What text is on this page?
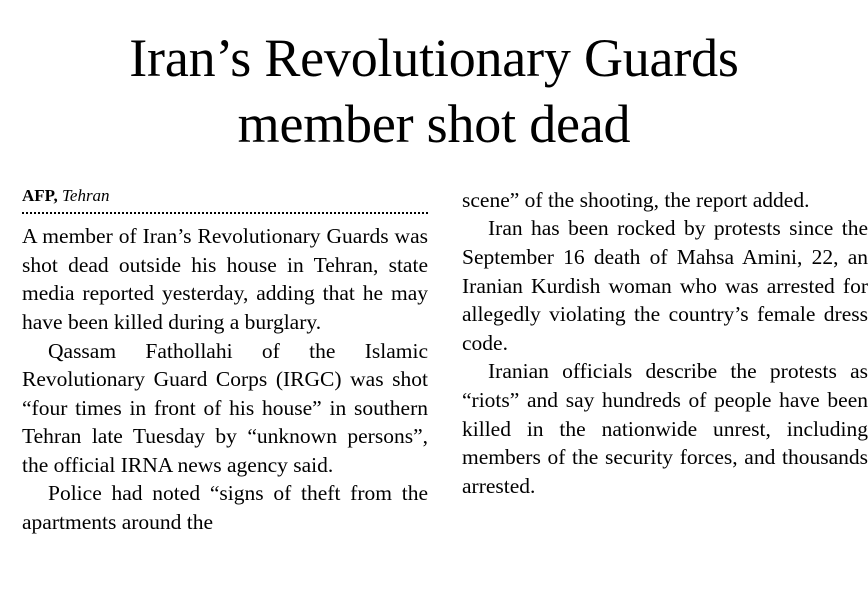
Iran’s Revolutionary Guards
member shot dead
AFP, Tehran

A member of Iran’s Revolutionary Guards was shot dead outside his house in Tehran, state media reported yesterday, adding that he may have been killed during a burglary.

Qassam Fathollahi of the Islamic Revolutionary Guard Corps (IRGC) was shot “four times in front of his house” in southern Tehran late Tuesday by “unknown persons”, the official IRNA news agency said.

Police had noted “signs of theft from the apartments around the

scene” of the shooting, the report added.

Iran has been rocked by protests since the September 16 death of Mahsa Amini, 22, an Iranian Kurdish woman who was arrested for allegedly violating the country’s female dress code.

Iranian officials describe the protests as “riots” and say hundreds of people have been killed in the nationwide unrest, including members of the security forces, and thousands arrested.
